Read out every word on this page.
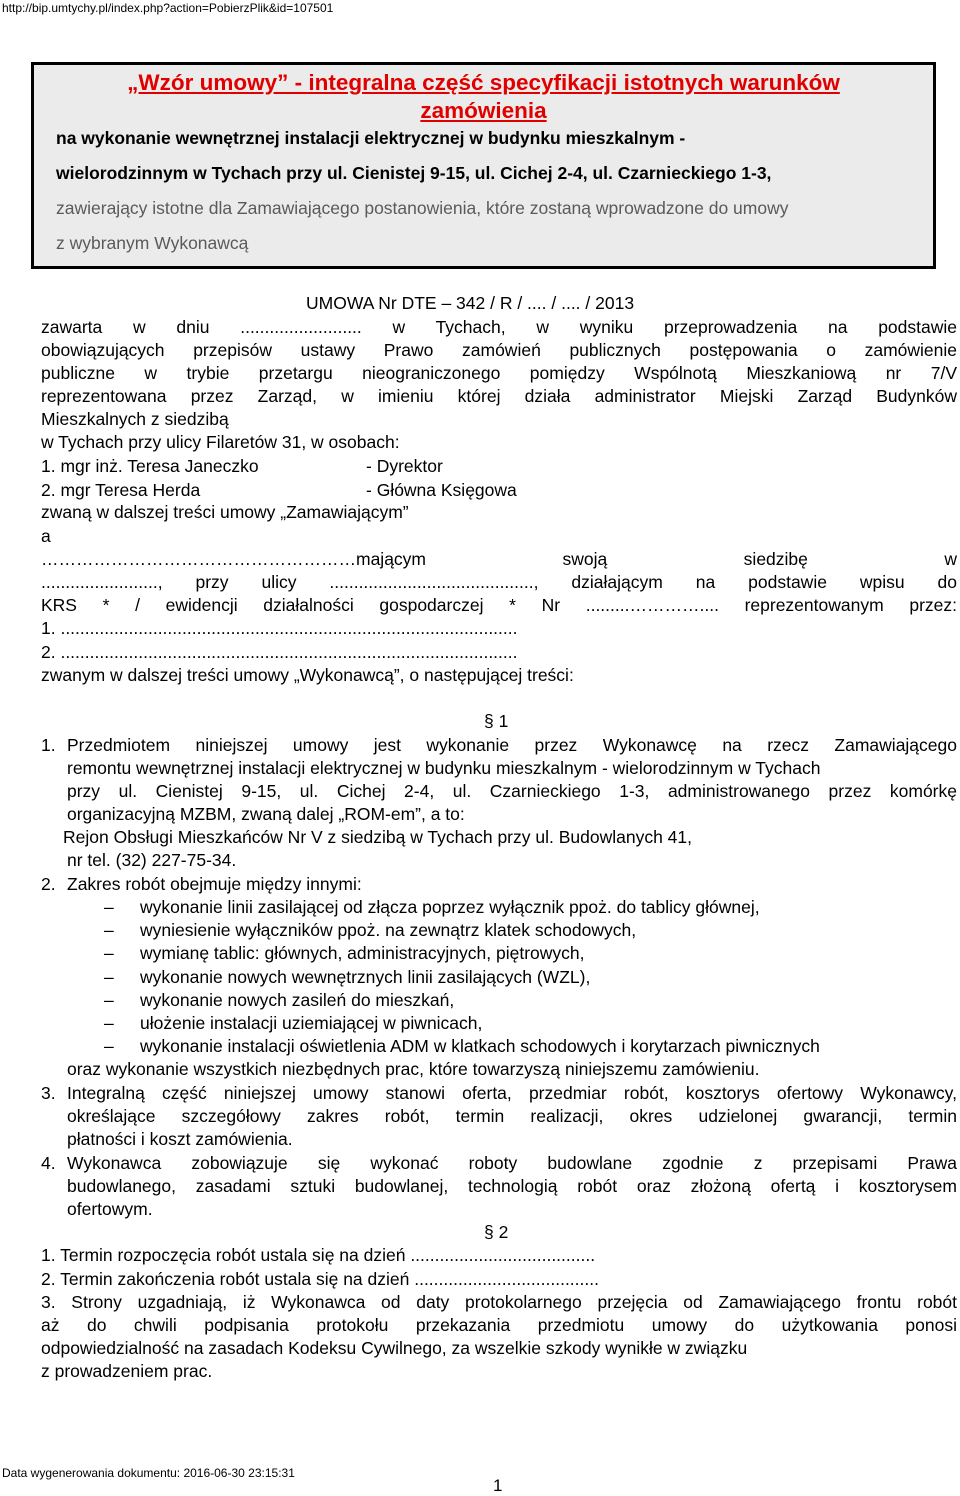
http://bip.umtychy.pl/index.php?action=PobierzPlik&id=107501
„Wzór umowy” - integralna część specyfikacji istotnych warunków
zamówienia
na wykonanie wewnętrznej instalacji elektrycznej w budynku mieszkalnym -
wielorodzinnym w Tychach przy ul. Cienistej 9-15, ul. Cichej 2-4, ul. Czarnieckiego 1-3,
zawierający istotne dla Zamawiającego postanowienia, które zostaną wprowadzone do umowy
z wybranym Wykonawcą
UMOWA Nr DTE – 342 / R / .... / .... / 2013
zawarta w dniu ......................... w Tychach, w wyniku przeprowadzenia na podstawie
obowiązujących przepisów ustawy Prawo zamówień publicznych postępowania o zamówienie
publiczne w trybie przetargu nieograniczonego pomiędzy Wspólnotą Mieszkaniową nr 7/V
reprezentowana przez Zarząd, w imieniu której działa administrator Miejski Zarząd Budynków
Mieszkalnych z siedzibą
w Tychach przy ulicy Filaretów 31, w osobach:
1. mgr inż. Teresa Janeczko	- Dyrektor
2. mgr Teresa Herda	- Główna Księgowa
zwaną w dalszej treści umowy „Zamawiającym”
a
………………………………………………mającym swoją siedzibę w
........................, przy ulicy .........................................., działającym na podstawie wpisu do
KRS * / ewidencji działalności gospodarczej * Nr .........………….... reprezentowanym przez:
1. ..............................................................................................
2. ..............................................................................................
zwanym w dalszej treści umowy „Wykonawcą”, o następującej treści:
§ 1
1. Przedmiotem niniejszej umowy jest wykonanie przez Wykonawcę na rzecz Zamawiającego
remontu wewnętrznej instalacji elektrycznej w budynku mieszkalnym - wielorodzinnym w Tychach
przy ul. Cienistej 9-15, ul. Cichej 2-4, ul. Czarnieckiego 1-3, administrowanego przez komórkę
organizacyjną MZBM, zwaną dalej „ROM-em”, a to:
Rejon Obsługi Mieszkańców Nr V z siedzibą w Tychach przy ul. Budowlanych 41,
nr tel. (32) 227-75-34.
2. Zakres robót obejmuje między innymi:
– wykonanie linii zasilającej od złącza poprzez wyłącznik ppoż. do tablicy głównej,
– wyniesienie wyłączników ppoż. na zewnątrz klatek schodowych,
– wymianę tablic: głównych, administracyjnych, piętrowych,
– wykonanie nowych wewnętrznych linii zasilających (WZL),
– wykonanie nowych zasileń do mieszkań,
– ułożenie instalacji uziemiającej w piwnicach,
– wykonanie instalacji oświetlenia ADM w klatkach schodowych i korytarzach piwnicznych
oraz wykonanie wszystkich niezbędnych prac, które towarzyszą niniejszemu zamówieniu.
3. Integralną część niniejszej umowy stanowi oferta, przedmiar robót, kosztorys ofertowy Wykonawcy,
określające szczegółowy zakres robót, termin realizacji, okres udzielonej gwarancji, termin
płatności i koszt zamówienia.
4. Wykonawca zobowiązuje się wykonać roboty budowlane zgodnie z przepisami Prawa
budowlanego, zasadami sztuki budowlanej, technologią robót oraz złożoną ofertą i kosztorysem
ofertowym.
§ 2
1. Termin rozpoczęcia robót ustala się na dzień ......................................
2. Termin zakończenia robót ustala się na dzień ......................................
3. Strony uzgadniają, iż Wykonawca od daty protokolarnego przejęcia od Zamawiającego frontu robót
aż do chwili podpisania protokołu przekazania przedmiotu umowy do użytkowania ponosi
odpowiedzialność na zasadach Kodeksu Cywilnego, za wszelkie szkody wynikłe w związku
z prowadzeniem prac.
Data wygenerowania dokumentu: 2016-06-30 23:15:31
1
